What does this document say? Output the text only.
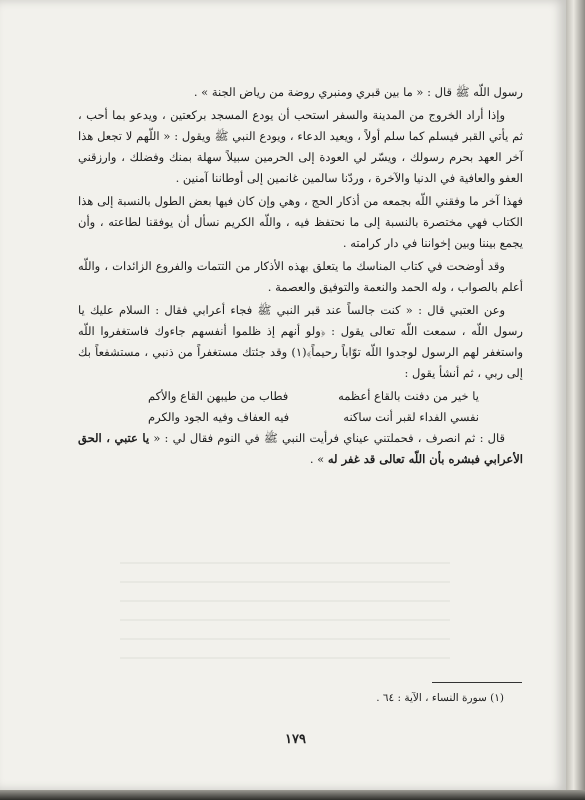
رسول اللّه ﷺ قال : « ما بين قبري ومنبري روضة من رياض الجنة » .

وإذا أراد الخروج من المدينة والسفر استحب أن يودع المسجد بركعتين ، ويدعو بما أحب ، ثم يأتي القبر فيسلم كما سلم أولاً ، ويعيد الدعاء ، ويودع النبي ﷺ ويقول : « اللّهم لا تجعل هذا آخر العهد بحرم رسولك ، ويسّر لي العودة إلى الحرمين سبيلاً سهلة بمنك وفضلك ، وارزقني العفو والعافية في الدنيا والآخرة ، وردّنا سالمين غانمين إلى أوطاننا آمنين .

فهذا آخر ما وفقني اللّه بجمعه من أذكار الحج ، وهي وإن كان فيها بعض الطول بالنسبة إلى هذا الكتاب فهي مختصرة بالنسبة إلى ما نحتفظ فيه ، واللّه الكريم نسأل أن يوفقنا لطاعته ، وأن يجمع بيننا وبين إخواننا في دار كرامته .

وقد أوضحت في كتاب المناسك ما يتعلق بهذه الأذكار من التتمات والفروع الزائدات ، واللّه أعلم بالصواب ، وله الحمد والنعمة والتوفيق والعصمة .

وعن العتبي قال : « كنت جالساً عند قبر النبي ﷺ فجاء أعرابي فقال : السلام عليك يا رسول اللّه ، سمعت اللّه تعالى يقول : ﴿ولو أنهم إذ ظلموا أنفسهم جاءوك فاستغفروا اللّه واستغفر لهم الرسول لوجدوا اللّه توّاباً رحيماً﴾(١) وقد جئتك مستغفراً من ذنبي ، مستشفعاً بك إلى ربي ، ثم أنشأ يقول :

يا خير من دفنت بالقاع أعظمه
فطاب من طيبهن القاع والأكم
نفسي الفداء لقبر أنت ساكنه
فيه العفاف وفيه الجود والكرم

قال : ثم انصرف ، فحملتني عيناي فرأيت النبي ﷺ في النوم فقال لي : « يا عتبي ، الحق الأعرابي فبشره بأن اللّه تعالى قد غفر له » .

(١) سورة النساء ، الآية : ٦٤ .
١٧٩
